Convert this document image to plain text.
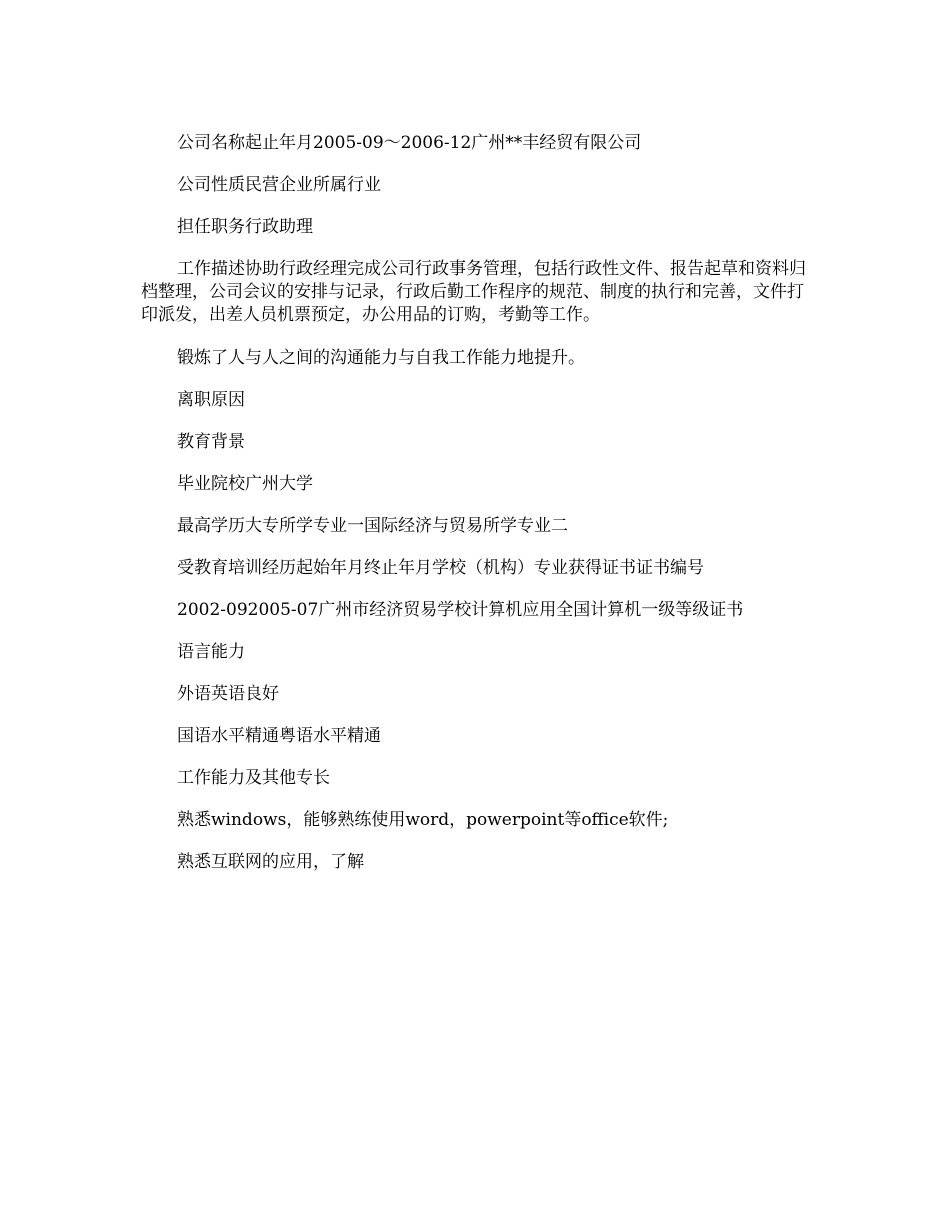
公司名称起止年月2005-09～2006-12广州**丰经贸有限公司

公司性质民营企业所属行业

担任职务行政助理

工作描述协助行政经理完成公司行政事务管理，包括行政性文件、报告起草和资料归档整理，公司会议的安排与记录，行政后勤工作程序的规范、制度的执行和完善，文件打印派发，出差人员机票预定，办公用品的订购，考勤等工作。

锻炼了人与人之间的沟通能力与自我工作能力地提升。

离职原因

教育背景

毕业院校广州大学

最高学历大专所学专业一国际经济与贸易所学专业二

受教育培训经历起始年月终止年月学校（机构）专业获得证书证书编号

2002-092005-07广州市经济贸易学校计算机应用全国计算机一级等级证书

语言能力

外语英语良好

国语水平精通粤语水平精通

工作能力及其他专长

熟悉windows，能够熟练使用word，powerpoint等office软件;

熟悉互联网的应用，了解
